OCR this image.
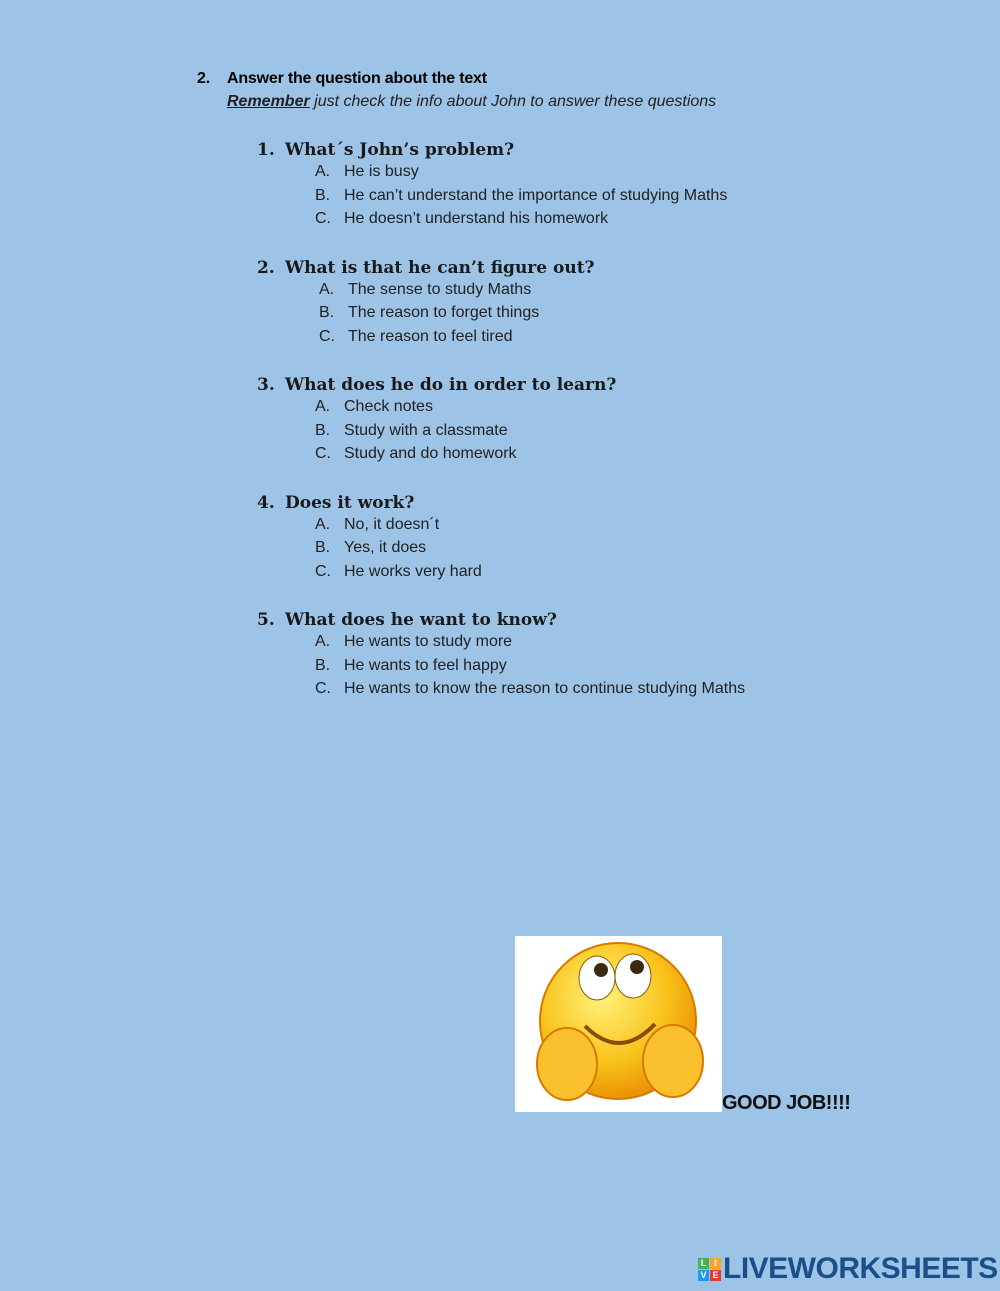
2. Answer the question about the text
Remember just check the info about John to answer these questions
GOOD JOB!!!!
L I
V E LIVEWORKSHEETS
1. What´s John’s problem?
A. He is busy
B. He can’t understand the importance of studying Maths
C. He doesn’t understand his homework
2. What is that he can’t figure out?
A. The sense to study Maths
B. The reason to forget things
C. The reason to feel tired
3. What does he do in order to learn?
A. Check notes
B. Study with a classmate
C. Study and do homework
4. Does it work?
A. No, it doesn´t
B. Yes, it does
C. He works very hard
5. What does he want to know?
A. He wants to study more
B. He wants to feel happy
C. He wants to know the reason to continue studying Maths
